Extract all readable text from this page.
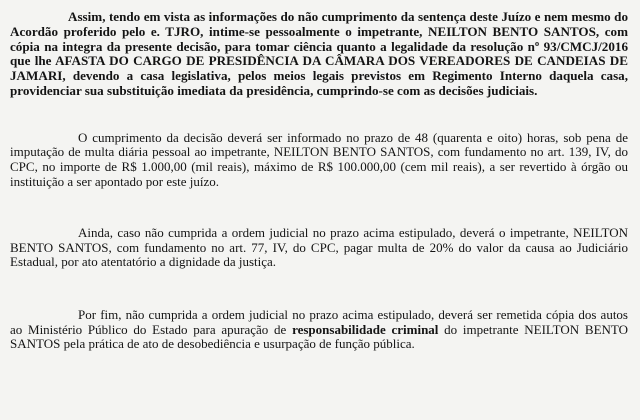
Assim, tendo em vista as informações do não cumprimento da sentença deste Juízo e nem mesmo do Acordão proferido pelo e. TJRO, intime-se pessoalmente o impetrante, NEILTON BENTO SANTOS, com cópia na integra da presente decisão, para tomar ciência quanto a legalidade da resolução nº 93/CMCJ/2016 que lhe AFASTA DO CARGO DE PRESIDÊNCIA DA CÂMARA DOS VEREADORES DE CANDEIAS DE JAMARI, devendo a casa legislativa, pelos meios legais previstos em Regimento Interno daquela casa, providenciar sua substituição imediata da presidência, cumprindo-se com as decisões judiciais.

O cumprimento da decisão deverá ser informado no prazo de 48 (quarenta e oito) horas, sob pena de imputação de multa diária pessoal ao impetrante, NEILTON BENTO SANTOS, com fundamento no art. 139, IV, do CPC, no importe de R$ 1.000,00 (mil reais), máximo de R$ 100.000,00 (cem mil reais), a ser revertido à órgão ou instituição a ser apontado por este juízo.

Ainda, caso não cumprida a ordem judicial no prazo acima estipulado, deverá o impetrante, NEILTON BENTO SANTOS, com fundamento no art. 77, IV, do CPC, pagar multa de 20% do valor da causa ao Judiciário Estadual, por ato atentatório a dignidade da justiça.

Por fim, não cumprida a ordem judicial no prazo acima estipulado, deverá ser remetida cópia dos autos ao Ministério Público do Estado para apuração de responsabilidade criminal do impetrante NEILTON BENTO SANTOS pela prática de ato de desobediência e usurpação de função pública.
